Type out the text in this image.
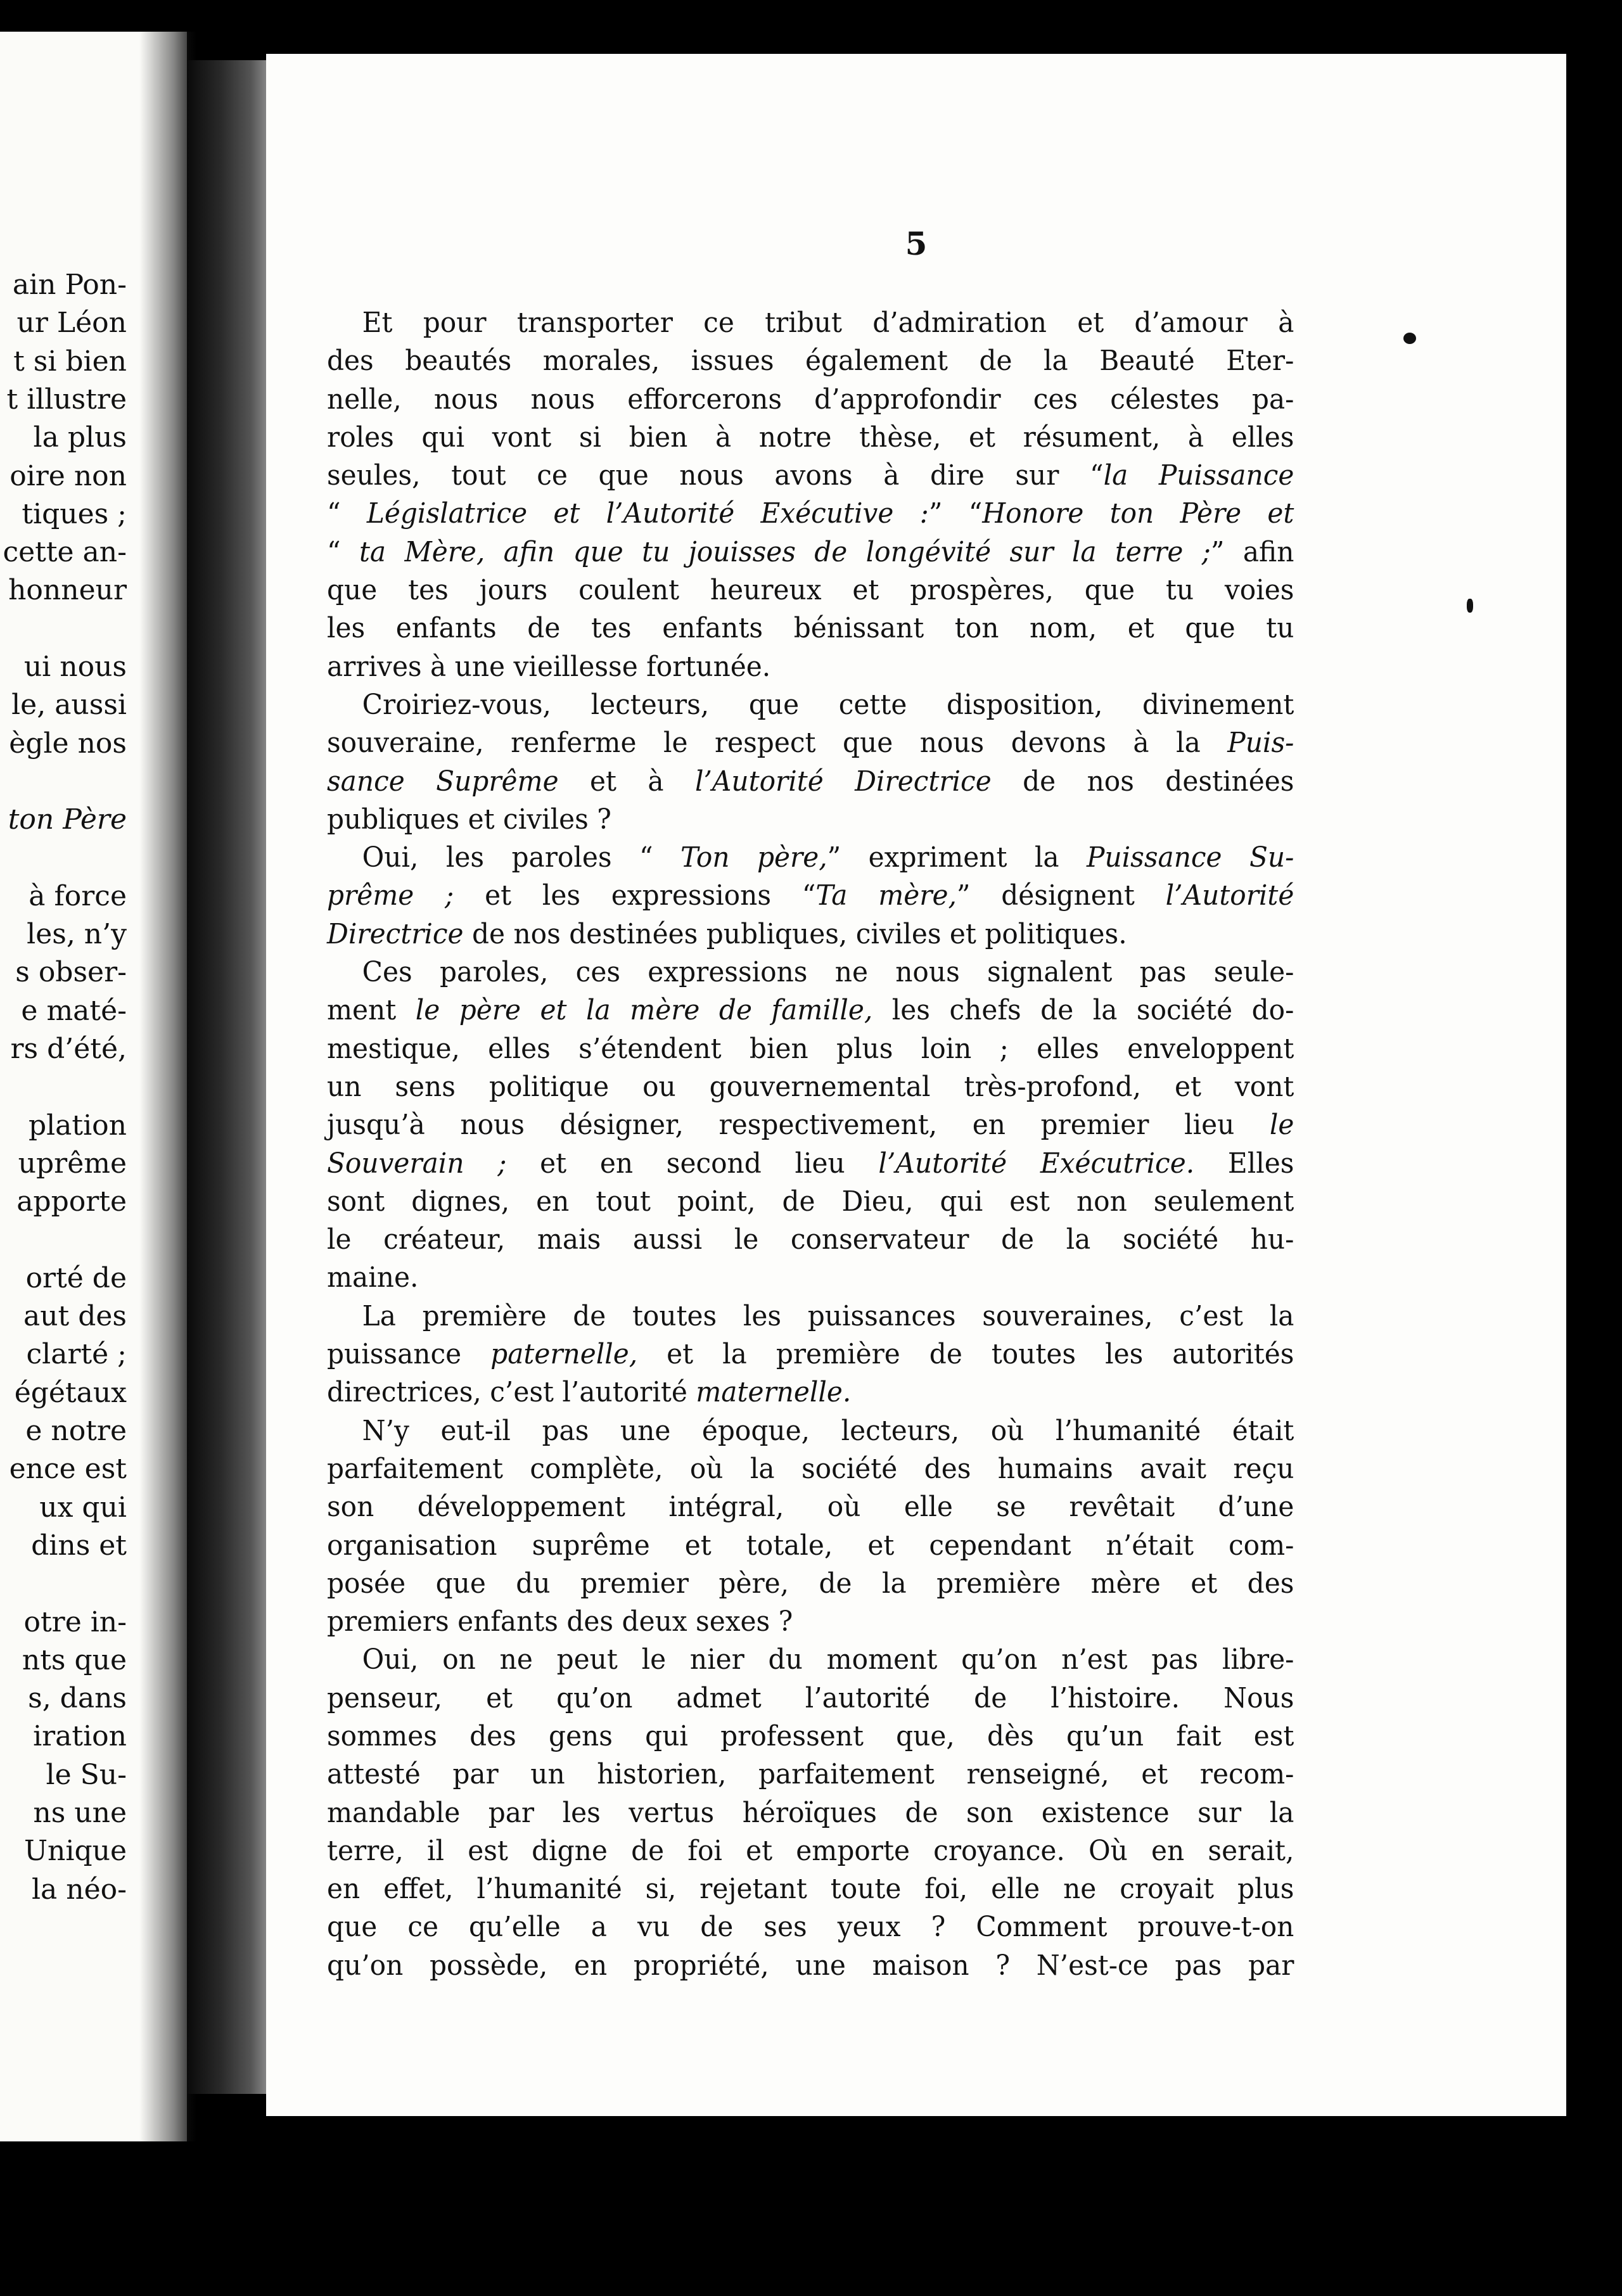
ain Pon-
ur Léon
t si bien
t illustre
la plus
oire non
tiques ;
cette an-
honneur
ui nous
le, aussi
ègle nos
ton Père
à force
les, n’y
s obser-
e maté-
rs d’été,
plation
uprême
apporte
orté de
aut des
clarté ;
égétaux
e notre
ence est
ux qui
dins et
otre in-
nts que
s, dans
iration
le Su-
ns une
Unique
la néo-
5
Et pour transporter ce tribut d’admiration et d’amour à
des beautés morales, issues également de la Beauté Eter-
nelle, nous nous efforcerons d’approfondir ces célestes pa-
roles qui vont si bien à notre thèse, et résument, à elles
seules, tout ce que nous avons à dire sur “la Puissance
“ Législatrice et l’Autorité Exécutive :” “Honore ton Père et
“ ta Mère, afin que tu jouisses de longévité sur la terre ;” afin
que tes jours coulent heureux et prospères, que tu voies
les enfants de tes enfants bénissant ton nom, et que tu
arrives à une vieillesse fortunée.
Croiriez-vous, lecteurs, que cette disposition, divinement
souveraine, renferme le respect que nous devons à la Puis-
sance Suprême et à l’Autorité Directrice de nos destinées
publiques et civiles ?
Oui, les paroles “ Ton père,” expriment la Puissance Su-
prême ; et les expressions “Ta mère,” désignent l’Autorité
Directrice de nos destinées publiques, civiles et politiques.
Ces paroles, ces expressions ne nous signalent pas seule-
ment le père et la mère de famille, les chefs de la société do-
mestique, elles s’étendent bien plus loin ; elles enveloppent
un sens politique ou gouvernemental très-profond, et vont
jusqu’à nous désigner, respectivement, en premier lieu le
Souverain ; et en second lieu l’Autorité Exécutrice. Elles
sont dignes, en tout point, de Dieu, qui est non seulement
le créateur, mais aussi le conservateur de la société hu-
maine.
La première de toutes les puissances souveraines, c’est la
puissance paternelle, et la première de toutes les autorités
directrices, c’est l’autorité maternelle.
N’y eut-il pas une époque, lecteurs, où l’humanité était
parfaitement complète, où la société des humains avait reçu
son développement intégral, où elle se revêtait d’une
organisation suprême et totale, et cependant n’était com-
posée que du premier père, de la première mère et des
premiers enfants des deux sexes ?
Oui, on ne peut le nier du moment qu’on n’est pas libre-
penseur, et qu’on admet l’autorité de l’histoire. Nous
sommes des gens qui professent que, dès qu’un fait est
attesté par un historien, parfaitement renseigné, et recom-
mandable par les vertus héroïques de son existence sur la
terre, il est digne de foi et emporte croyance. Où en serait,
en effet, l’humanité si, rejetant toute foi, elle ne croyait plus
que ce qu’elle a vu de ses yeux ? Comment prouve-t-on
qu’on possède, en propriété, une maison ? N’est-ce pas par
